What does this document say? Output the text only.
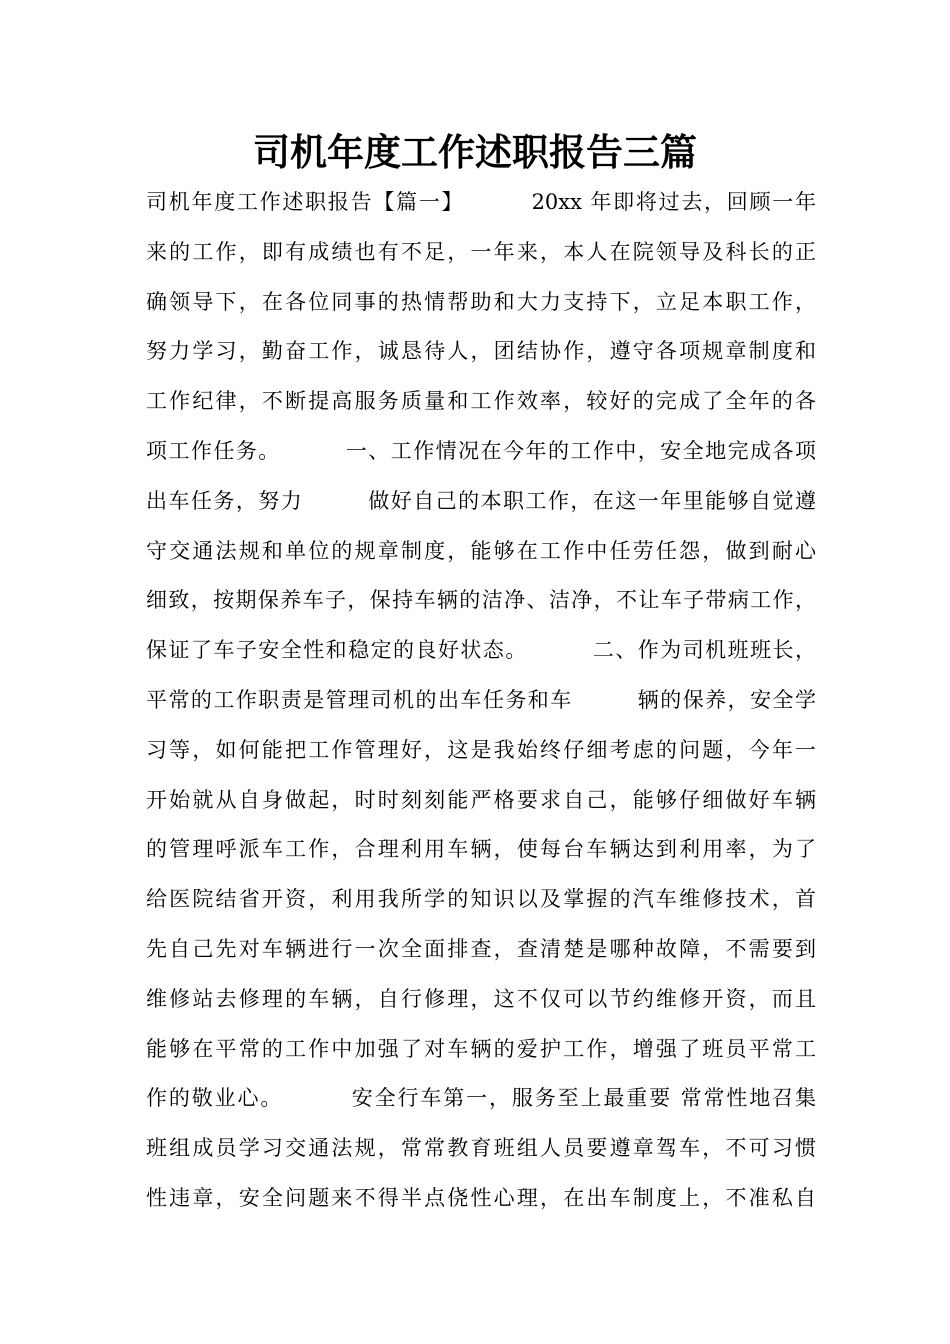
司机年度工作述职报告三篇
司机年度工作述职报告【篇一】        20xx 年即将过去，回顾一年
来的工作，即有成绩也有不足，一年来，本人在院领导及科长的正
确领导下，在各位同事的热情帮助和大力支持下，立足本职工作，
努力学习，勤奋工作，诚恳待人，团结协作，遵守各项规章制度和
工作纪律，不断提高服务质量和工作效率，较好的完成了全年的各
项工作任务。        一、工作情况在今年的工作中，安全地完成各项
出车任务，努力        做好自己的本职工作，在这一年里能够自觉遵
守交通法规和单位的规章制度，能够在工作中任劳任怨，做到耐心
细致，按期保养车子，保持车辆的洁净、洁净，不让车子带病工作，
保证了车子安全性和稳定的良好状态。        二、作为司机班班长，
平常的工作职责是管理司机的出车任务和车        辆的保养，安全学
习等，如何能把工作管理好，这是我始终仔细考虑的问题，今年一
开始就从自身做起，时时刻刻能严格要求自己，能够仔细做好车辆
的管理呼派车工作，合理利用车辆，使每台车辆达到利用率，为了
给医院结省开资，利用我所学的知识以及掌握的汽车维修技术，首
先自己先对车辆进行一次全面排查，查清楚是哪种故障，不需要到
维修站去修理的车辆，自行修理，这不仅可以节约维修开资，而且
能够在平常的工作中加强了对车辆的爱护工作，增强了班员平常工
作的敬业心。        安全行车第一，服务至上最重要 常常性地召集
班组成员学习交通法规，常常教育班组人员要遵章驾车，不可习惯
性违章，安全问题来不得半点侥性心理，在出车制度上，不准私自
